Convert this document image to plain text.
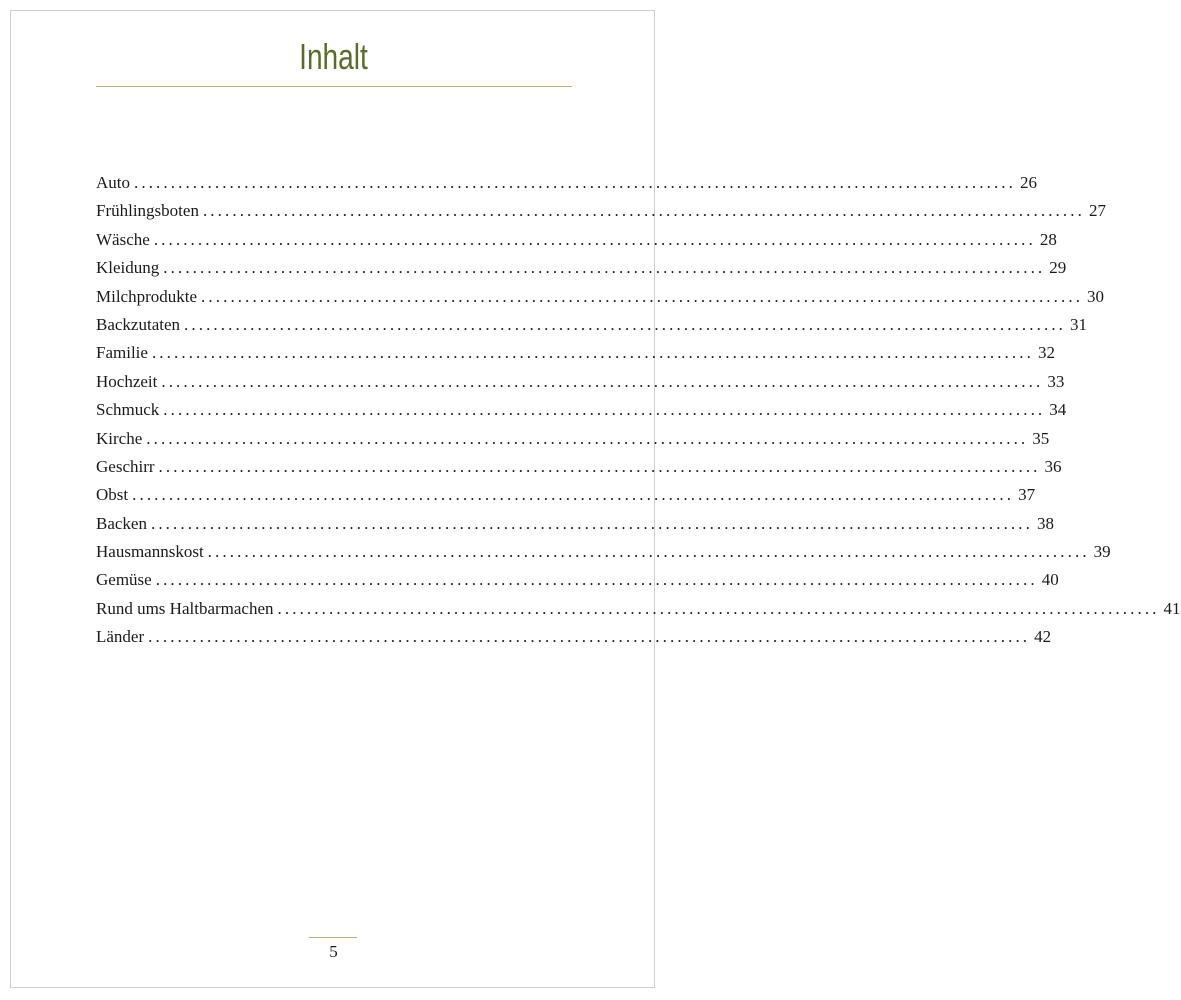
Inhalt
Auto ........................................................................................................................ 26
Frühlingsboten ........................................................................................................................ 27
Wäsche ........................................................................................................................ 28
Kleidung ........................................................................................................................ 29
Milchprodukte ........................................................................................................................ 30
Backzutaten ........................................................................................................................ 31
Familie ........................................................................................................................ 32
Hochzeit ........................................................................................................................ 33
Schmuck ........................................................................................................................ 34
Kirche ........................................................................................................................ 35
Geschirr ........................................................................................................................ 36
Obst ........................................................................................................................ 37
Backen ........................................................................................................................ 38
Hausmannskost ........................................................................................................................ 39
Gemüse ........................................................................................................................ 40
Rund ums Haltbarmachen ........................................................................................................................ 41
Länder ........................................................................................................................ 42
5
